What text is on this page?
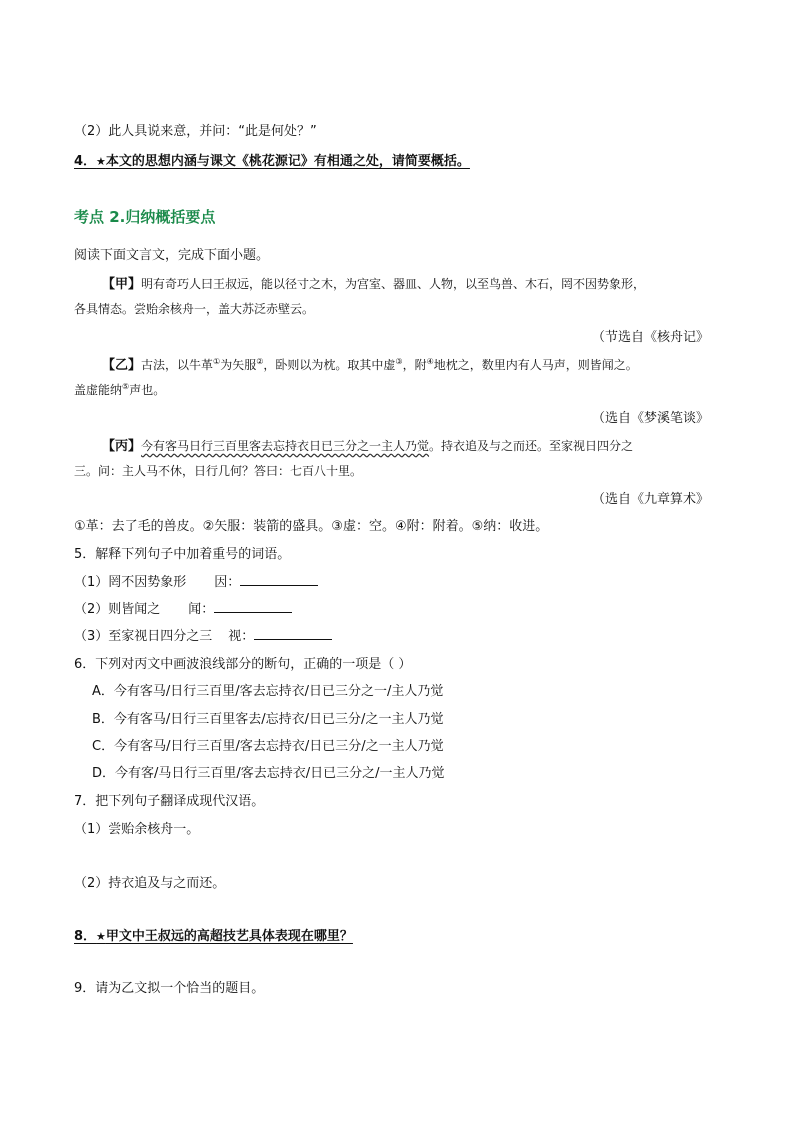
（2）此人具说来意，并问：“此是何处？”
4．★本文的思想内涵与课文《桃花源记》有相通之处，请简要概括。
考点 2.归纳概括要点
阅读下面文言文，完成下面小题。
【甲】明有奇巧人曰王叔远，能以径寸之木，为宫室、器皿、人物，以至鸟兽、木石，罔不因势象形，
各具情态。尝贻余核舟一，盖大苏泛赤壁云。
（节选自《核舟记》
【乙】古法，以牛革①为矢服②，卧则以为枕。取其中虚③，附④地枕之，数里内有人马声，则皆闻之。
盖虚能纳⑤声也。
（选自《梦溪笔谈》
【丙】今有客马日行三百里客去忘持衣日已三分之一主人乃觉。持衣追及与之而还。至家视日四分之
三。问：主人马不休，日行几何？答曰：七百八十里。
（选自《九章算术》
①革：去了毛的兽皮。②矢服：装箭的盛具。③虚：空。④附：附着。⑤纳：收进。
5．解释下列句子中加着重号的词语。
（1）罔不因势象形 因：
（2）则皆闻之 闻：
（3）至家视日四分之三 视：
6．下列对丙文中画波浪线部分的断句，正确的一项是（ ）
A．今有客马/日行三百里/客去忘持衣/日已三分之一/主人乃觉
B．今有客马/日行三百里客去/忘持衣/日已三分/之一主人乃觉
C．今有客马/日行三百里/客去忘持衣/日已三分/之一主人乃觉
D．今有客/马日行三百里/客去忘持衣/日已三分之/一主人乃觉
7．把下列句子翻译成现代汉语。
（1）尝贻余核舟一。
（2）持衣追及与之而还。
8．★甲文中王叔远的高超技艺具体表现在哪里？
9．请为乙文拟一个恰当的题目。
